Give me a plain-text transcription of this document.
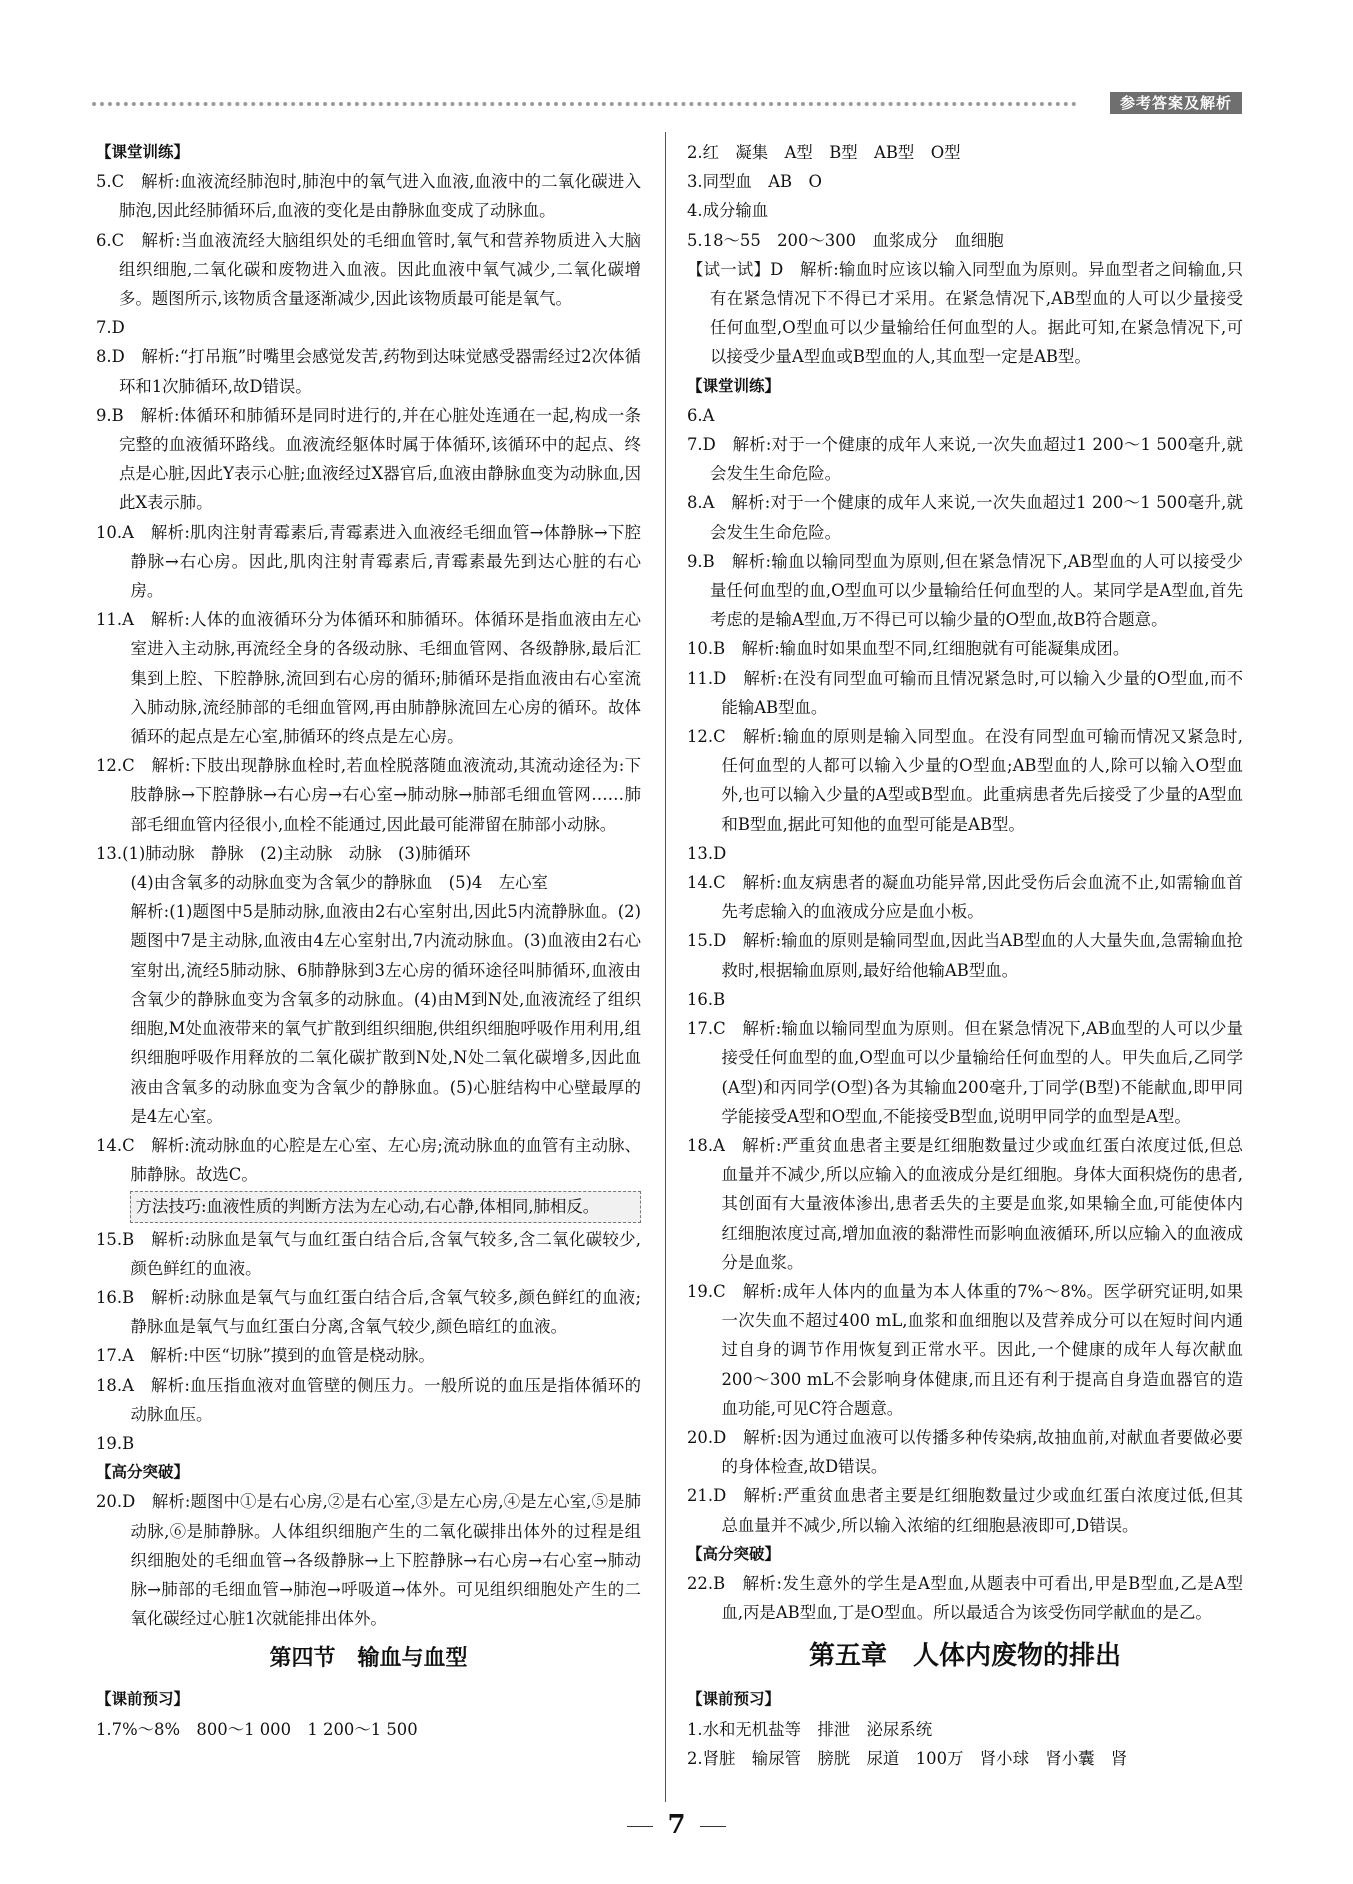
参考答案及解析

【课堂训练】

5.C　解析:血液流经肺泡时,肺泡中的氧气进入血液,血液中的二氧化碳进入肺泡,因此经肺循环后,血液的变化是由静脉血变成了动脉血。

6.C　解析:当血液流经大脑组织处的毛细血管时,氧气和营养物质进入大脑组织细胞,二氧化碳和废物进入血液。因此血液中氧气减少,二氧化碳增多。题图所示,该物质含量逐渐减少,因此该物质最可能是氧气。

7.D

8.D　解析:“打吊瓶”时嘴里会感觉发苦,药物到达味觉感受器需经过2次体循环和1次肺循环,故D错误。

9.B　解析:体循环和肺循环是同时进行的,并在心脏处连通在一起,构成一条完整的血液循环路线。血液流经躯体时属于体循环,该循环中的起点、终点是心脏,因此Y表示心脏;血液经过X器官后,血液由静脉血变为动脉血,因此X表示肺。

10.A　解析:肌肉注射青霉素后,青霉素进入血液经毛细血管→体静脉→下腔静脉→右心房。因此,肌肉注射青霉素后,青霉素最先到达心脏的右心房。

11.A　解析:人体的血液循环分为体循环和肺循环。体循环是指血液由左心室进入主动脉,再流经全身的各级动脉、毛细血管网、各级静脉,最后汇集到上腔、下腔静脉,流回到右心房的循环;肺循环是指血液由右心室流入肺动脉,流经肺部的毛细血管网,再由肺静脉流回左心房的循环。故体循环的起点是左心室,肺循环的终点是左心房。

12.C　解析:下肢出现静脉血栓时,若血栓脱落随血液流动,其流动途径为:下肢静脉→下腔静脉→右心房→右心室→肺动脉→肺部毛细血管网……肺部毛细血管内径很小,血栓不能通过,因此最可能滞留在肺部小动脉。

13.(1)肺动脉　静脉　(2)主动脉　动脉　(3)肺循环

(4)由含氧多的动脉血变为含氧少的静脉血　(5)4　左心室

解析:(1)题图中5是肺动脉,血液由2右心室射出,因此5内流静脉血。(2)题图中7是主动脉,血液由4左心室射出,7内流动脉血。(3)血液由2右心室射出,流经5肺动脉、6肺静脉到3左心房的循环途径叫肺循环,血液由含氧少的静脉血变为含氧多的动脉血。(4)由M到N处,血液流经了组织细胞,M处血液带来的氧气扩散到组织细胞,供组织细胞呼吸作用利用,组织细胞呼吸作用释放的二氧化碳扩散到N处,N处二氧化碳增多,因此血液由含氧多的动脉血变为含氧少的静脉血。(5)心脏结构中心壁最厚的是4左心室。

14.C　解析:流动脉血的心腔是左心室、左心房;流动脉血的血管有主动脉、肺静脉。故选C。

方法技巧:血液性质的判断方法为左心动,右心静,体相同,肺相反。

15.B　解析:动脉血是氧气与血红蛋白结合后,含氧气较多,含二氧化碳较少,颜色鲜红的血液。

16.B　解析:动脉血是氧气与血红蛋白结合后,含氧气较多,颜色鲜红的血液;静脉血是氧气与血红蛋白分离,含氧气较少,颜色暗红的血液。

17.A　解析:中医“切脉”摸到的血管是桡动脉。

18.A　解析:血压指血液对血管壁的侧压力。一般所说的血压是指体循环的动脉血压。

19.B

【高分突破】

20.D　解析:题图中①是右心房,②是右心室,③是左心房,④是左心室,⑤是肺动脉,⑥是肺静脉。人体组织细胞产生的二氧化碳排出体外的过程是组织细胞处的毛细血管→各级静脉→上下腔静脉→右心房→右心室→肺动脉→肺部的毛细血管→肺泡→呼吸道→体外。可见组织细胞处产生的二氧化碳经过心脏1次就能排出体外。

第四节　输血与血型

【课前预习】

1.7%～8%　800～1 000　1 200～1 500

2.红　凝集　A型　B型　AB型　O型

3.同型血　AB　O

4.成分输血

5.18～55　200～300　血浆成分　血细胞

【试一试】D　解析:输血时应该以输入同型血为原则。异血型者之间输血,只有在紧急情况下不得已才采用。在紧急情况下,AB型血的人可以少量接受任何血型,O型血可以少量输给任何血型的人。据此可知,在紧急情况下,可以接受少量A型血或B型血的人,其血型一定是AB型。

【课堂训练】

6.A

7.D　解析:对于一个健康的成年人来说,一次失血超过1 200～1 500毫升,就会发生生命危险。

8.A　解析:对于一个健康的成年人来说,一次失血超过1 200～1 500毫升,就会发生生命危险。

9.B　解析:输血以输同型血为原则,但在紧急情况下,AB型血的人可以接受少量任何血型的血,O型血可以少量输给任何血型的人。某同学是A型血,首先考虑的是输A型血,万不得已可以输少量的O型血,故B符合题意。

10.B　解析:输血时如果血型不同,红细胞就有可能凝集成团。

11.D　解析:在没有同型血可输而且情况紧急时,可以输入少量的O型血,而不能输AB型血。

12.C　解析:输血的原则是输入同型血。在没有同型血可输而情况又紧急时,任何血型的人都可以输入少量的O型血;AB型血的人,除可以输入O型血外,也可以输入少量的A型或B型血。此重病患者先后接受了少量的A型血和B型血,据此可知他的血型可能是AB型。

13.D

14.C　解析:血友病患者的凝血功能异常,因此受伤后会血流不止,如需输血首先考虑输入的血液成分应是血小板。

15.D　解析:输血的原则是输同型血,因此当AB型血的人大量失血,急需输血抢救时,根据输血原则,最好给他输AB型血。

16.B

17.C　解析:输血以输同型血为原则。但在紧急情况下,AB血型的人可以少量接受任何血型的血,O型血可以少量输给任何血型的人。甲失血后,乙同学(A型)和丙同学(O型)各为其输血200毫升,丁同学(B型)不能献血,即甲同学能接受A型和O型血,不能接受B型血,说明甲同学的血型是A型。

18.A　解析:严重贫血患者主要是红细胞数量过少或血红蛋白浓度过低,但总血量并不减少,所以应输入的血液成分是红细胞。身体大面积烧伤的患者,其创面有大量液体渗出,患者丢失的主要是血浆,如果输全血,可能使体内红细胞浓度过高,增加血液的黏滞性而影响血液循环,所以应输入的血液成分是血浆。

19.C　解析:成年人体内的血量为本人体重的7%～8%。医学研究证明,如果一次失血不超过400 mL,血浆和血细胞以及营养成分可以在短时间内通过自身的调节作用恢复到正常水平。因此,一个健康的成年人每次献血200～300 mL不会影响身体健康,而且还有利于提高自身造血器官的造血功能,可见C符合题意。

20.D　解析:因为通过血液可以传播多种传染病,故抽血前,对献血者要做必要的身体检查,故D错误。

21.D　解析:严重贫血患者主要是红细胞数量过少或血红蛋白浓度过低,但其总血量并不减少,所以输入浓缩的红细胞悬液即可,D错误。

【高分突破】

22.B　解析:发生意外的学生是A型血,从题表中可看出,甲是B型血,乙是A型血,丙是AB型血,丁是O型血。所以最适合为该受伤同学献血的是乙。

第五章　人体内废物的排出

【课前预习】

1.水和无机盐等　排泄　泌尿系统

2.肾脏　输尿管　膀胱　尿道　100万　肾小球　肾小囊　肾

7
